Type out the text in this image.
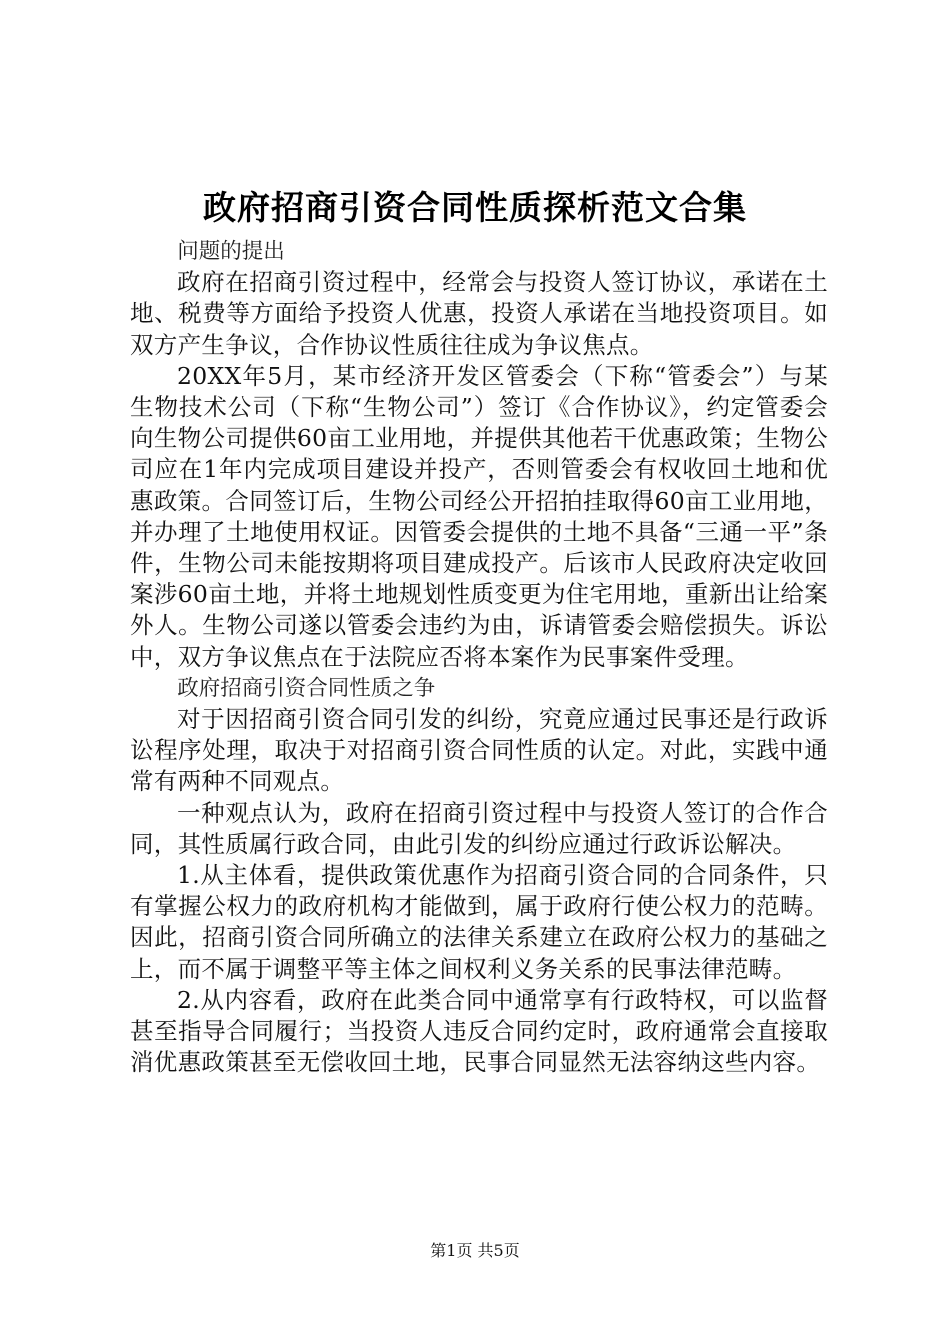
政府招商引资合同性质探析范文合集

问题的提出

政府在招商引资过程中，经常会与投资人签订协议，承诺在土地、税费等方面给予投资人优惠，投资人承诺在当地投资项目。如双方产生争议，合作协议性质往往成为争议焦点。

20XX年5月，某市经济开发区管委会（下称“管委会”）与某生物技术公司（下称“生物公司”）签订《合作协议》，约定管委会向生物公司提供60亩工业用地，并提供其他若干优惠政策；生物公司应在1年内完成项目建设并投产，否则管委会有权收回土地和优惠政策。合同签订后，生物公司经公开招拍挂取得60亩工业用地，并办理了土地使用权证。因管委会提供的土地不具备“三通一平”条件，生物公司未能按期将项目建成投产。后该市人民政府决定收回案涉60亩土地，并将土地规划性质变更为住宅用地，重新出让给案外人。生物公司遂以管委会违约为由，诉请管委会赔偿损失。诉讼中，双方争议焦点在于法院应否将本案作为民事案件受理。

政府招商引资合同性质之争

对于因招商引资合同引发的纠纷，究竟应通过民事还是行政诉讼程序处理，取决于对招商引资合同性质的认定。对此，实践中通常有两种不同观点。

一种观点认为，政府在招商引资过程中与投资人签订的合作合同，其性质属行政合同，由此引发的纠纷应通过行政诉讼解决。

1.从主体看，提供政策优惠作为招商引资合同的合同条件，只有掌握公权力的政府机构才能做到，属于政府行使公权力的范畴。因此，招商引资合同所确立的法律关系建立在政府公权力的基础之上，而不属于调整平等主体之间权利义务关系的民事法律范畴。

2.从内容看，政府在此类合同中通常享有行政特权，可以监督甚至指导合同履行；当投资人违反合同约定时，政府通常会直接取消优惠政策甚至无偿收回土地，民事合同显然无法容纳这些内容。

第1页 共5页
